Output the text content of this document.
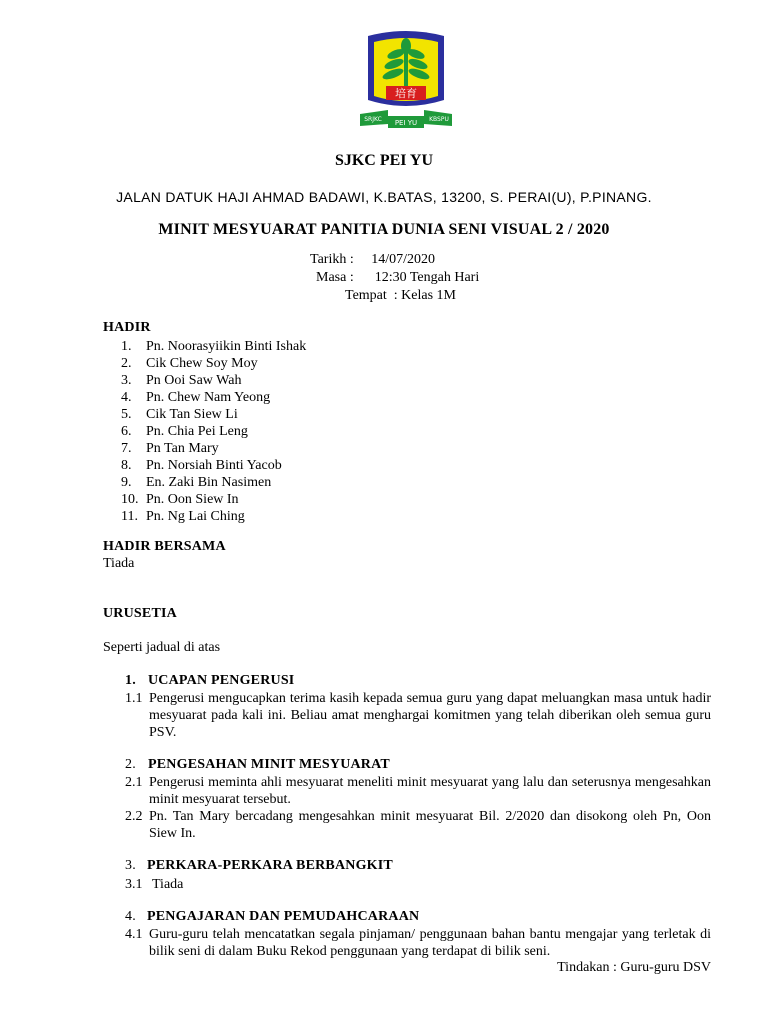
培育
SRJKC	KBSPU
PEI YU
SJKC PEI YU
JALAN DATUK HAJI AHMAD BADAWI, K.BATAS, 13200, S. PERAI(U), P.PINANG.
MINIT MESYUARAT PANITIA DUNIA SENI VISUAL 2 / 2020
Tarikh :     14/07/2020
Masa :      12:30 Tengah Hari
Tempat  : Kelas 1M
HADIR
1. Pn. Noorasyiikin Binti Ishak
2. Cik Chew Soy Moy
3. Pn Ooi Saw Wah
4. Pn. Chew Nam Yeong
5. Cik Tan Siew Li
6. Pn. Chia Pei Leng
7. Pn Tan Mary
8. Pn. Norsiah Binti Yacob
9. En. Zaki Bin Nasimen
10. Pn. Oon Siew In
11. Pn. Ng Lai Ching
HADIR BERSAMA
Tiada
URUSETIA
Seperti jadual di atas
1. UCAPAN PENGERUSI
1.1 Pengerusi mengucapkan terima kasih kepada semua guru yang dapat meluangkan masa untuk hadir mesyuarat pada kali ini. Beliau amat menghargai komitmen yang telah diberikan oleh semua guru PSV.
2. PENGESAHAN MINIT MESYUARAT
2.1 Pengerusi meminta ahli mesyuarat meneliti minit mesyuarat yang lalu dan seterusnya mengesahkan minit mesyuarat tersebut.
2.2 Pn. Tan Mary bercadang mengesahkan minit mesyuarat Bil. 2/2020 dan disokong oleh Pn, Oon Siew In.
3. PERKARA-PERKARA BERBANGKIT
3.1 Tiada
4. PENGAJARAN DAN PEMUDAHCARAAN
4.1 Guru-guru telah mencatatkan segala pinjaman/ penggunaan bahan bantu mengajar yang terletak di bilik seni di dalam Buku Rekod penggunaan yang terdapat di bilik seni.
Tindakan : Guru-guru DSV
